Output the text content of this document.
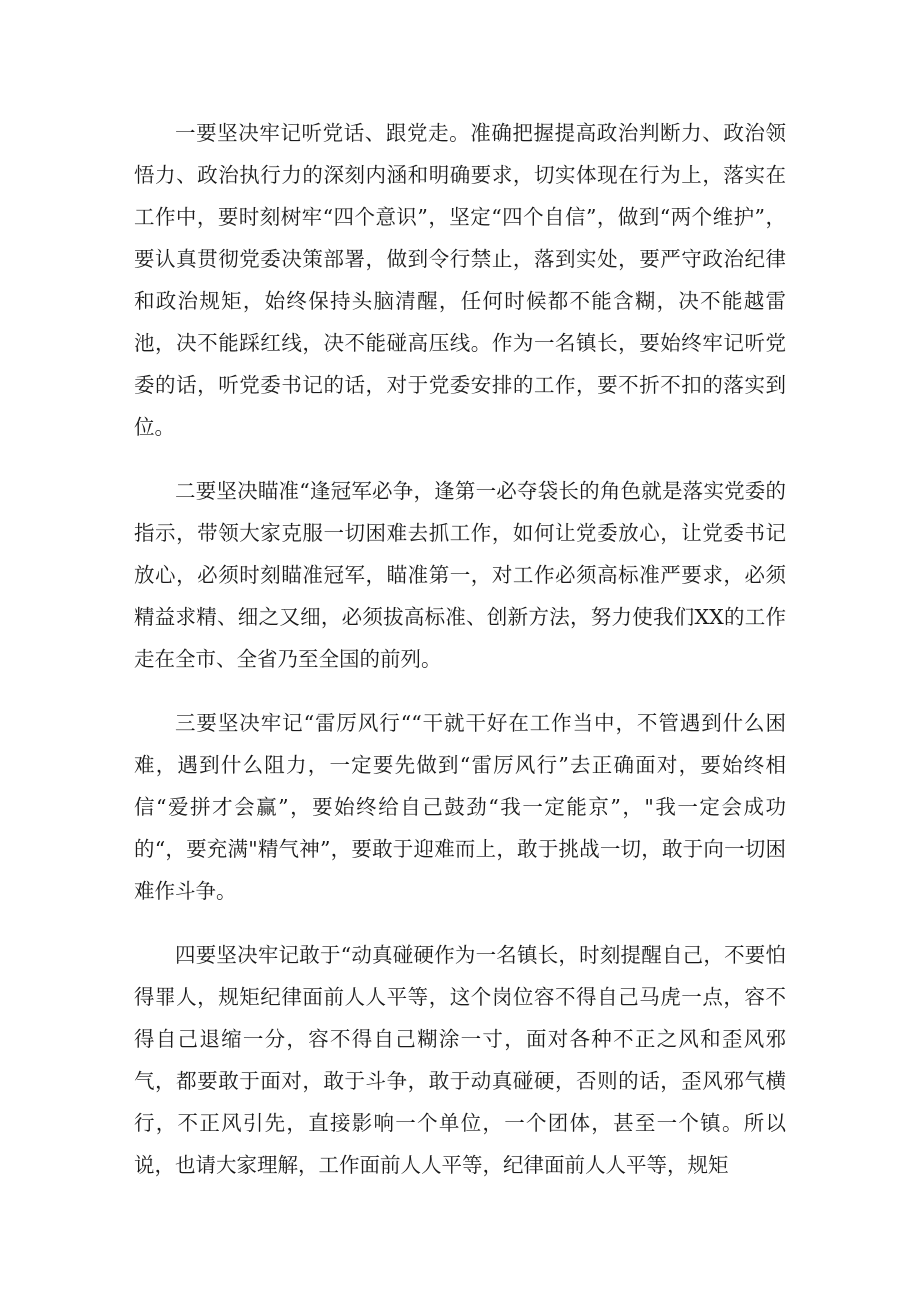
一要坚决牢记听党话、跟党走。准确把握提高政治判断力、政治领悟力、政治执行力的深刻内涵和明确要求，切实体现在行为上，落实在工作中，要时刻树牢“四个意识”，坚定“四个自信”，做到“两个维护”，要认真贯彻党委决策部署，做到令行禁止，落到实处，要严守政治纪律和政治规矩，始终保持头脑清醒，任何时候都不能含糊，决不能越雷池，决不能踩红线，决不能碰高压线。作为一名镇长，要始终牢记听党委的话，听党委书记的话，对于党委安排的工作，要不折不扣的落实到位。

二要坚决瞄准“逢冠军必争，逢第一必夺袋长的角色就是落实党委的指示，带领大家克服一切困难去抓工作，如何让党委放心，让党委书记放心，必须时刻瞄准冠军，瞄准第一，对工作必须高标准严要求，必须精益求精、细之又细，必须拔高标准、创新方法，努力使我们XX的工作走在全市、全省乃至全国的前列。

三要坚决牢记“雷厉风行““干就干好在工作当中，不管遇到什么困难，遇到什么阻力，一定要先做到“雷厉风行”去正确面对，要始终相信“爱拼才会赢”，要始终给自己鼓劲“我一定能京”，"我一定会成功的“，要充满"精气神”，要敢于迎难而上，敢于挑战一切，敢于向一切困难作斗争。

四要坚决牢记敢于“动真碰硬作为一名镇长，时刻提醒自己，不要怕得罪人，规矩纪律面前人人平等，这个岗位容不得自己马虎一点，容不得自己退缩一分，容不得自己糊涂一寸，面对各种不正之风和歪风邪气，都要敢于面对，敢于斗争，敢于动真碰硬，否则的话，歪风邪气横行，不正风引先，直接影响一个单位，一个团体，甚至一个镇。所以说，也请大家理解，工作面前人人平等，纪律面前人人平等，规矩
